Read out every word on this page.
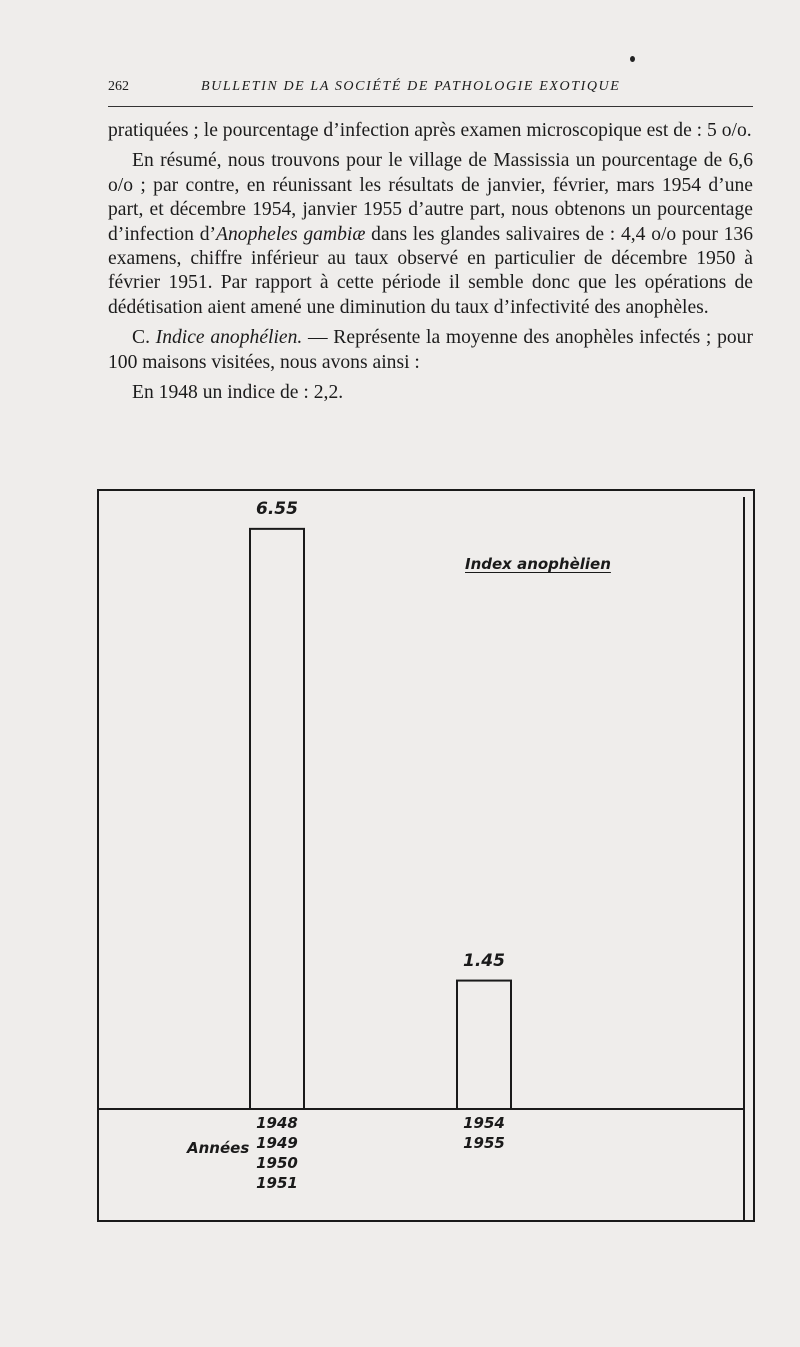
262	BULLETIN DE LA SOCIÉTÉ DE PATHOLOGIE EXOTIQUE

pratiquées ; le pourcentage d’infection après examen microscopique est de : 5 o/o.

En résumé, nous trouvons pour le village de Massissia un pourcentage de 6,6 o/o ; par contre, en réunissant les résultats de janvier, février, mars 1954 d’une part, et décembre 1954, janvier 1955 d’autre part, nous obtenons un pourcentage d’infection d’Anopheles gambiæ dans les glandes salivaires de : 4,4 o/o pour 136 examens, chiffre inférieur au taux observé en particulier de décembre 1950 à février 1951. Par rapport à cette période il semble donc que les opérations de dédétisation aient amené une diminution du taux d’infectivité des anophèles.

C. Indice anophélien. — Représente la moyenne des anophèles infectés ; pour 100 maisons visitées, nous avons ainsi :

En 1948 un indice de : 2,2.

Index anophèlien
Années
6.55
1948
1949
1950
1951
1.45
1954
1955
